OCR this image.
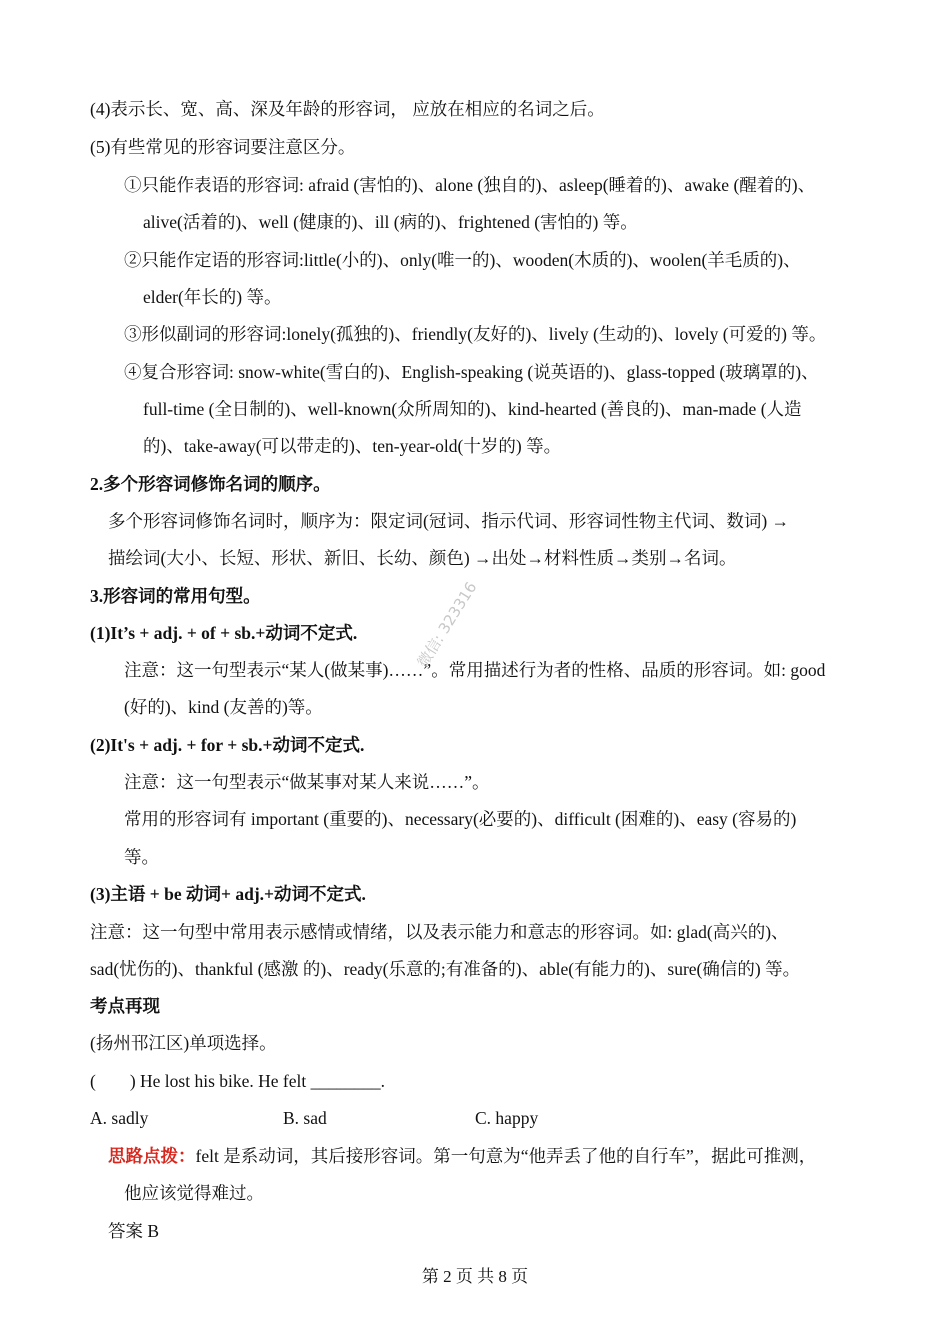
(4)表示长、宽、高、深及年龄的形容词， 应放在相应的名词之后。
(5)有些常见的形容词要注意区分。
①只能作表语的形容词: afraid (害怕的)、alone (独自的)、asleep(睡着的)、awake (醒着的)、
alive(活着的)、well (健康的)、ill (病的)、frightened (害怕的) 等。
②只能作定语的形容词:little(小的)、only(唯一的)、wooden(木质的)、woolen(羊毛质的)、
elder(年长的) 等。
③形似副词的形容词:lonely(孤独的)、friendly(友好的)、lively (生动的)、lovely (可爱的) 等。
④复合形容词: snow-white(雪白的)、English-speaking (说英语的)、glass-topped (玻璃罩的)、
full-time (全日制的)、well-known(众所周知的)、kind-hearted (善良的)、man-made (人造
的)、take-away(可以带走的)、ten-year-old(十岁的) 等。
2.多个形容词修饰名词的顺序。
多个形容词修饰名词时，顺序为：限定词(冠词、指示代词、形容词性物主代词、数词) →
描绘词(大小、长短、形状、新旧、长幼、颜色) →出处→材料性质→类别→名词。
3.形容词的常用句型。
(1)It’s + adj. + of + sb.+动词不定式.
注意：这一句型表示“某人(做某事)……”。常用描述行为者的性格、品质的形容词。如: good
(好的)、kind (友善的)等。
(2)It's + adj. + for + sb.+动词不定式.
注意：这一句型表示“做某事对某人来说……”。
常用的形容词有 important (重要的)、necessary(必要的)、difficult (困难的)、easy (容易的)
等。
(3)主语 + be 动词+ adj.+动词不定式.
注意：这一句型中常用表示感情或情绪，以及表示能力和意志的形容词。如: glad(高兴的)、
sad(忧伤的)、thankful (感激 的)、ready(乐意的;有准备的)、able(有能力的)、sure(确信的) 等。
考点再现
(扬州邗江区)单项选择。
( ) He lost his bike. He felt ________.
A. sadly	B. sad	C. happy
思路点拨：felt 是系动词，其后接形容词。第一句意为“他弄丢了他的自行车”，据此可推测，
他应该觉得难过。
答案 B
微信: 323316
第 2 页 共 8 页
